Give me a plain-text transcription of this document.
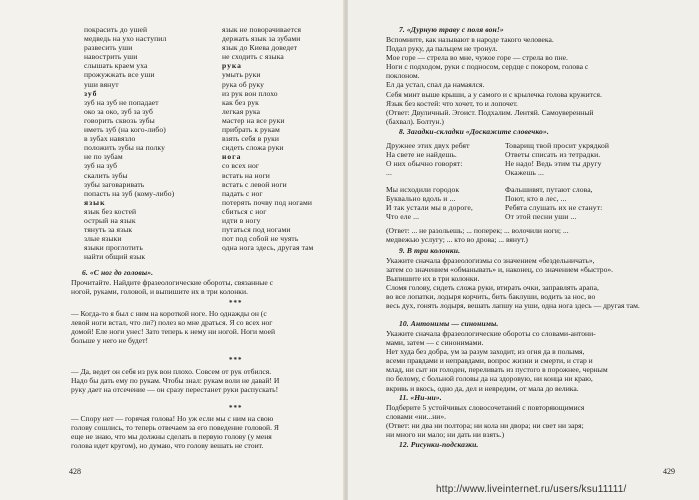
покрасить до ушей
медведь на ухо наступил
развесить уши
навострить уши
слышать краем уха
прожужжать все уши
уши вянут
зуб
зуб на зуб не попадает
око за око, зуб за зуб
говорить сквозь зубы
иметь зуб (на кого-либо)
в зубах навязло
положить зубы на полку
не по зубам
зуб на зуб
скалить зубы
зубы заговаривать
попасть на зуб (кому-либо)
язык
язык без костей
острый на язык
тянуть за язык
злые языки
языки проглотить
найти общий язык
язык не поворачивается
держать язык за зубами
язык до Киева доведет
не сходить с языка
рука
умыть руки
рука об руку
из рук вон плохо
как без рук
легкая рука
мастер на все руки
прибрать к рукам
взять себя в руки
сидеть сложа руки
нога
со всех ног
встать на ноги
встать с левой ноги
падать с ног
потерять почву под ногами
сбиться с ног
идти в ногу
путаться под ногами
пот под собой не чуять
одна нога здесь, другая там
6. «С ног до головы».
Прочитайте. Найдите фразеологические обороты, связанные с
ногой, руками, головой, и выпишите их в три колонки.
***
— Когда-то я был с ним на короткой ноге. Но однажды он (с
левой ноги встал, что ли?) полез ко мне драться. Я со всех ног
домой! Еле ноги унес! Зато теперь к нему ни ногой. Ноги моей
больше у него не будет!
***
— Да, ведет он себя из рук вон плохо. Совсем от рук отбился.
Надо бы дать ему по рукам. Чтобы знал: рукам воли не давай! И
руку дает на отсечение — он сразу перестанет руки распускать!
***
— Спору нет — горячая голова! Но уж если мы с ним на свою
голову сошлись, то теперь отвечаем за его поведение головой. Я
еще не знаю, что мы должны сделать в первую голову (у меня
голова идет кругом), но думаю, что голову вешать не стоит.
428
7. «Дурную траву с поля вон!»
Вспомните, как называют в народе такого человека.
Подал руку, да пальцем не тронул.
Мое горе — стрела во мне, чужое горе — стрела во пне.
Ноги с подходом, руки с подносом, сердце с покором, голова с
поклоном.
Ел да устал, спал да намаялся.
Себя минт выше крыши, а у самого и с крылечка голова кружится.
Язык без костей: что хочет, то и лопочет.
(Ответ: Двуличный. Эгоист. Подхалим. Лентяй. Самоуверенный
(бахвал). Болтун.)
8. Загадки-складки «Доскажите словечко».
Дружнее этих двух ребят
На свете не найдешь.
О них обычно говорят:
...
Товарищ твой просит укрядкой
Ответы списать из тетрадки.
Не надо! Ведь этим ты другу
Окажешь ...
Мы исходили городок
Буквально вдоль и ...
И так устали мы в дороге,
Что еле ...
Фальшивят, путают слова,
Поют, кто в лес, ...
Ребята слушать их не станут:
От этой песни уши ...
(Ответ: ... не разольешь; ... поперек; ... волочили ноги; ...
медвежью услугу; ... кто во дрова; ... вянут.)
9. В три колонки.
Укажите сначала фразеологизмы со значением «бездельничать»,
затем со значением «обманывать» и, наконец, со значением «быстро».
Выпишите их в три колонки.
Сломя голову, сидеть сложа руки, втирать очки, заправлять арапа,
во все лопатки, лодыря корчить, бить баклуши, водить за нос, во
весь дух, гонять лодыря, вешать лапшу на уши, одна нога здесь — другая там.
10. Антонимы — синонимы.
Укажите сначала фразеологические обороты со словами-антони-
мами, затем — с синонимами.
Нет худа без добра, ум за разум заходит, из огня да в полымя,
всеми правдами и неправдами, вопрос жизни и смерти, и стар и
млад, ни сыт ни голоден, переливать из пустого в порожнее, черным
по белому, с больной головы да на здоровую, ни конца ни краю,
вкривь и вкось, одно да, дел и невредим, от мала до велика.
11. «Ни-ни».
Подберите 5 устойчивых словосочетаний с повторяющимися
словами «ни...ни».
(Ответ: ни два ни полтора; ни кола ни двора; ни свет ни заря;
ни много ни мало; ни дать ни взять.)
12. Рисунки-подсказки.
429
http://www.liveinternet.ru/users/ksu11111/
